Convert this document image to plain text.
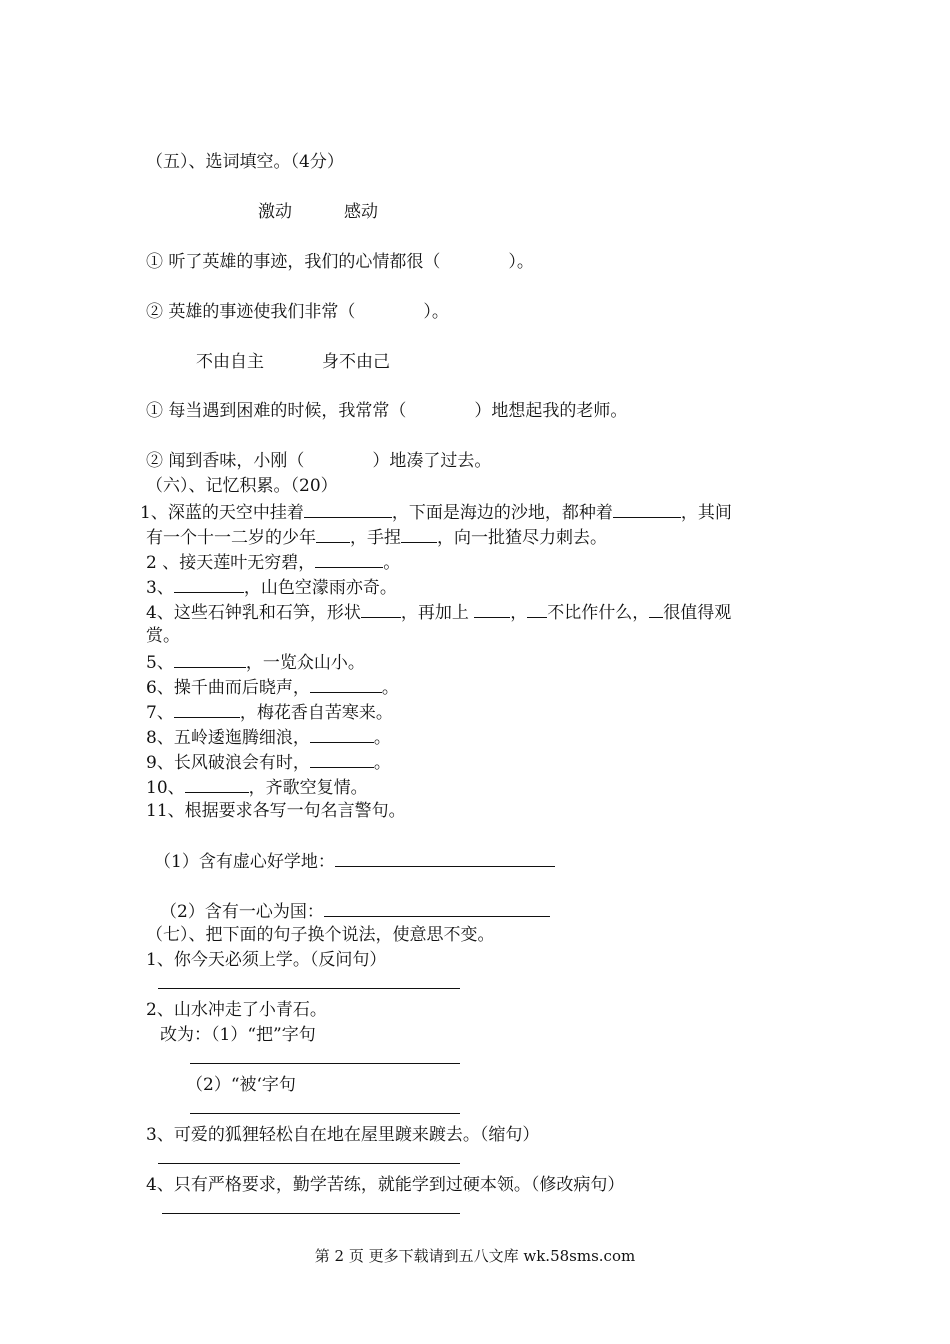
（五）、选词填空。（4分）
激动	感动
① 听了英雄的事迹，我们的心情都很（　　　　）。
② 英雄的事迹使我们非常（　　　　）。
不由自主	身不由己
① 每当遇到困难的时候，我常常（　　　　）地想起我的老师。
② 闻到香味，小刚（　　　　）地凑了过去。
（六）、记忆积累。（20）
1、深蓝的天空中挂着	，下面是海边的沙地，都种着	，其间
有一个十一二岁的少年 ，手捏 ，向一批猹尽力刺去。
2 、接天莲叶无穷碧，	。
3、	，山色空濛雨亦奇。
4、这些石钟乳和石笋，形状 ，再加上 ， 不比作什么， 很值得观
赏。
5、	，一览众山小。
6、操千曲而后晓声，	。
7、	，梅花香自苦寒来。
8、五岭逶迤腾细浪，	。
9、长风破浪会有时，	。
10、	，齐歌空复情。
11、根据要求各写一句名言警句。
（1）含有虚心好学地：
（2）含有一心为国：
（七）、把下面的句子换个说法，使意思不变。
1、你今天必须上学。（反问句）
2、山水冲走了小青石。
改为：（1）“把”字句
（2）“被‘字句
3、可爱的狐狸轻松自在地在屋里踱来踱去。（缩句）
4、只有严格要求，勤学苦练，就能学到过硬本领。（修改病句）
第 2 页 更多下载请到五八文库 wk.58sms.com
